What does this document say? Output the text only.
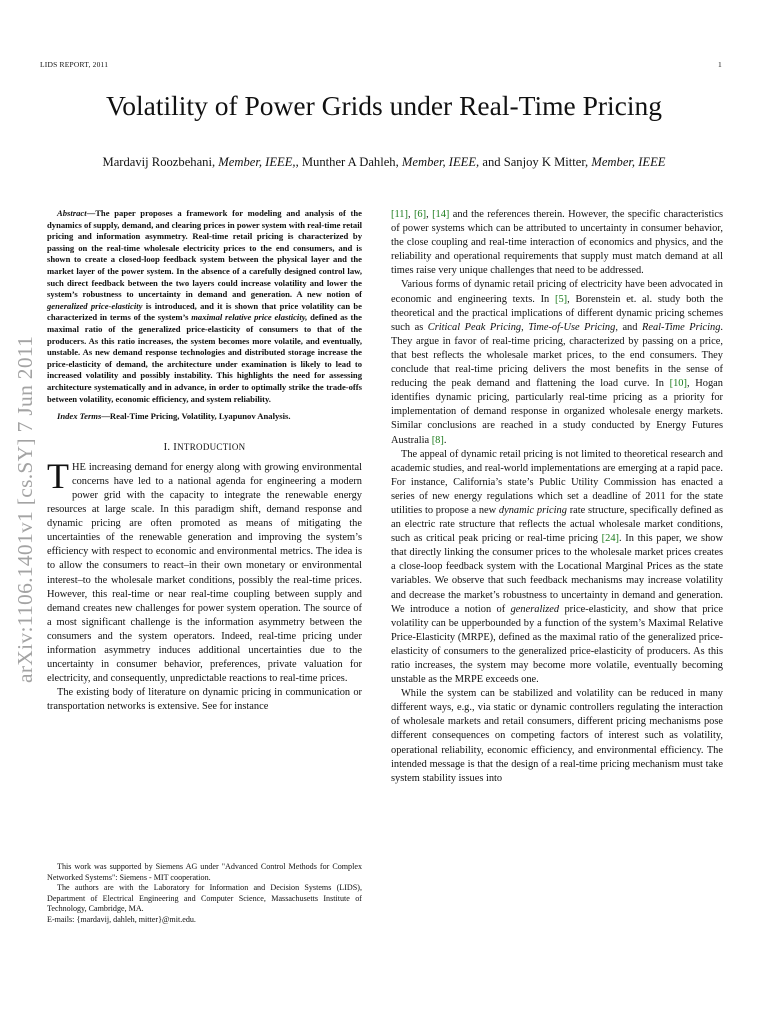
LIDS REPORT, 2011	1
Volatility of Power Grids under Real-Time Pricing
Mardavij Roozbehani, Member, IEEE,, Munther A Dahleh, Member, IEEE, and Sanjoy K Mitter, Member, IEEE
arXiv:1106.1401v1 [cs.SY] 7 Jun 2011

Abstract—The paper proposes a framework for modeling and analysis of the dynamics of supply, demand, and clearing prices in power system with real-time retail pricing and information asymmetry. Real-time retail pricing is characterized by passing on the real-time wholesale electricity prices to the end consumers, and is shown to create a closed-loop feedback system between the physical layer and the market layer of the power system. In the absence of a carefully designed control law, such direct feedback between the two layers could increase volatility and lower the system’s robustness to uncertainty in demand and generation. A new notion of generalized price-elasticity is introduced, and it is shown that price volatility can be characterized in terms of the system’s maximal relative price elasticity, defined as the maximal ratio of the generalized price-elasticity of consumers to that of the producers. As this ratio increases, the system becomes more volatile, and eventually, unstable. As new demand response technologies and distributed storage increase the price-elasticity of demand, the architecture under examination is likely to lead to increased volatility and possibly instability. This highlights the need for assessing architecture systematically and in advance, in order to optimally strike the trade-offs between volatility, economic efficiency, and system reliability.

Index Terms—Real-Time Pricing, Volatility, Lyapunov Analysis.

I. INTRODUCTION

THE increasing demand for energy along with growing environmental concerns have led to a national agenda for engineering a modern power grid with the capacity to integrate the renewable energy resources at large scale. In this paradigm shift, demand response and dynamic pricing are often promoted as means of mitigating the uncertainties of the renewable generation and improving the system’s efficiency with respect to economic and environmental metrics. The idea is to allow the consumers to react–in their own monetary or environmental interest–to the wholesale market conditions, possibly the real-time prices. However, this real-time or near real-time coupling between supply and demand creates new challenges for power system operation. The source of a most significant challenge is the information asymmetry between the consumers and the system operators. Indeed, real-time pricing under information asymmetry induces additional uncertainties due to the uncertainty in consumer behavior, preferences, private valuation for electricity, and consequently, unpredictable reactions to real-time prices.

The existing body of literature on dynamic pricing in communication or transportation networks is extensive. See for instance

This work was supported by Siemens AG under "Advanced Control Methods for Complex Networked Systems": Siemens - MIT cooperation.

The authors are with the Laboratory for Information and Decision Systems (LIDS), Department of Electrical Engineering and Computer Science, Massachusetts Institute of Technology, Cambridge, MA.

E-mails: {mardavij, dahleh, mitter}@mit.edu.

[11], [6], [14] and the references therein. However, the specific characteristics of power systems which can be attributed to uncertainty in consumer behavior, the close coupling and real-time interaction of economics and physics, and the reliability and operational requirements that supply must match demand at all times raise very unique challenges that need to be addressed.

Various forms of dynamic retail pricing of electricity have been advocated in economic and engineering texts. In [5], Borenstein et. al. study both the theoretical and the practical implications of different dynamic pricing schemes such as Critical Peak Pricing, Time-of-Use Pricing, and Real-Time Pricing. They argue in favor of real-time pricing, characterized by passing on a price, that best reflects the wholesale market prices, to the end consumers. They conclude that real-time pricing delivers the most benefits in the sense of reducing the peak demand and flattening the load curve. In [10], Hogan identifies dynamic pricing, particularly real-time pricing as a priority for implementation of demand response in organized wholesale energy markets. Similar conclusions are reached in a study conducted by Energy Futures Australia [8].

The appeal of dynamic retail pricing is not limited to theoretical research and academic studies, and real-world implementations are emerging at a rapid pace. For instance, California’s state’s Public Utility Commission has enacted a series of new energy regulations which set a deadline of 2011 for the state utilities to propose a new dynamic pricing rate structure, specifically defined as an electric rate structure that reflects the actual wholesale market conditions, such as critical peak pricing or real-time pricing [24]. In this paper, we show that directly linking the consumer prices to the wholesale market prices creates a close-loop feedback system with the Locational Marginal Prices as the state variables. We observe that such feedback mechanisms may increase volatility and decrease the market’s robustness to uncertainty in demand and generation. We introduce a notion of generalized price-elasticity, and show that price volatility can be upperbounded by a function of the system’s Maximal Relative Price-Elasticity (MRPE), defined as the maximal ratio of the generalized price-elasticity of consumers to the generalized price-elasticity of producers. As this ratio increases, the system may become more volatile, eventually becoming unstable as the MRPE exceeds one.

While the system can be stabilized and volatility can be reduced in many different ways, e.g., via static or dynamic controllers regulating the interaction of wholesale markets and retail consumers, different pricing mechanisms pose different consequences on competing factors of interest such as volatility, operational reliability, economic efficiency, and environmental efficiency. The intended message is that the design of a real-time pricing mechanism must take system stability issues into
